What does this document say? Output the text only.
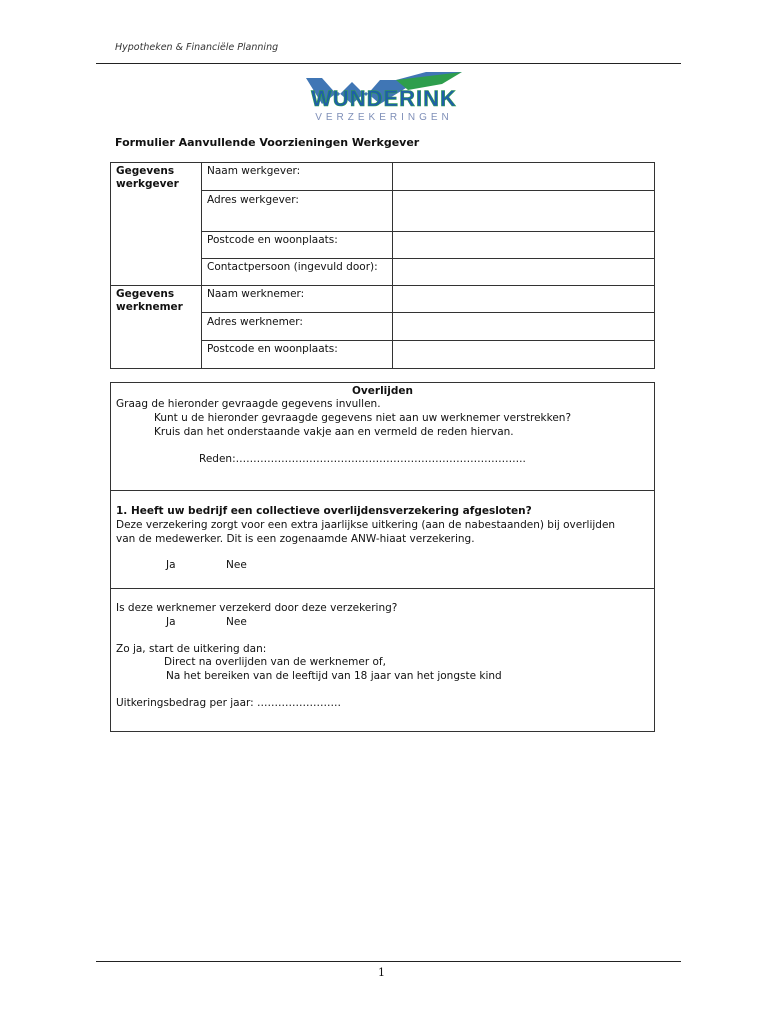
Hypotheken & Financiële Planning
WUNDERINK
VERZEKERINGEN
Formulier Aanvullende Voorzieningen Werkgever
Gegevens
werkgever
Naam werkgever:
Adres werkgever:
Postcode en woonplaats:
Contactpersoon (ingevuld door):
Gegevens
werknemer
Naam werknemer:
Adres werknemer:
Postcode en woonplaats:
Overlijden
Graag de hieronder gevraagde gegevens invullen.
Kunt u de hieronder gevraagde gegevens niet aan uw werknemer verstrekken?
Kruis dan het onderstaande vakje aan en vermeld de reden hiervan.
Reden:………………………………………………………………………..
1. Heeft uw bedrijf een collectieve overlijdensverzekering afgesloten?
Deze verzekering zorgt voor een extra jaarlijkse uitkering (aan de nabestaanden) bij overlijden
van de medewerker. Dit is een zogenaamde ANW-hiaat verzekering.
Ja	Nee
Is deze werknemer verzekerd door deze verzekering?
Ja	Nee
Zo ja, start de uitkering dan:
Direct na overlijden van de werknemer of,
Na het bereiken van de leeftijd van 18 jaar van het jongste kind
Uitkeringsbedrag per jaar: ……………………
1
